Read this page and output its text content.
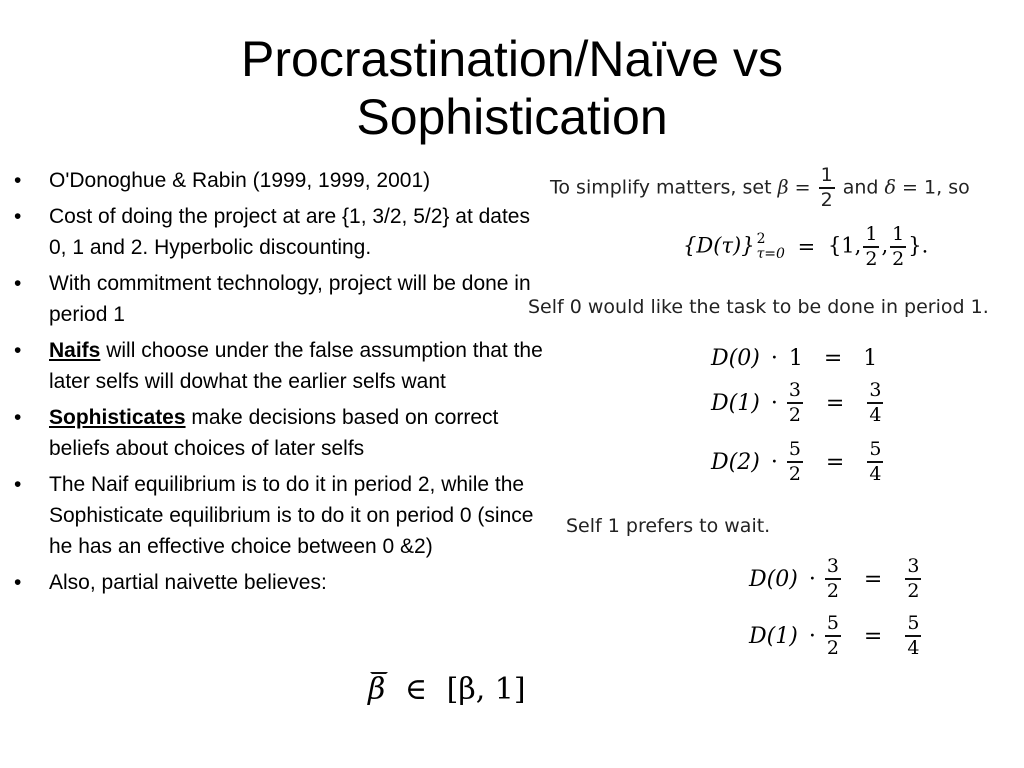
Procrastination/Naïve vs
Sophistication
• O'Donoghue & Rabin (1999, 1999, 2001)
• Cost of doing the project at are {1, 3/2, 5/2} at dates 0, 1 and 2. Hyperbolic discounting.
• With commitment technology, project will be done in period 1
• Naifs will choose under the false assumption that the later selfs will dowhat the earlier selfs want
• Sophisticates make decisions based on correct beliefs about choices of later selfs
• The Naif equilibrium is to do it in period 2, while the Sophisticate equilibrium is to do it on period 0 (since he has an effective choice between 0 &2)
• Also, partial naivette believes:
To simplify matters, set $\beta = \frac{1}{2}$ and δ = 1, so
{D(τ)} 2
τ=0 = {1, $\frac{1}{2}$ , $\frac{1}{2}$ }.
Self 0 would like the task to be done in period 1.
D(0) · 1 = 1
$D(1) \cdot \frac{3}{2} = \frac{3}{4}$
$D(2) \cdot \frac{5}{2} = \frac{5}{4}$
Self 1 prefers to wait.
$D(0) \cdot \frac{3}{2} = \frac{3}{2}$
$D(1) \cdot \frac{5}{2} = \frac{5}{4}$
β ∈ [β, 1]
